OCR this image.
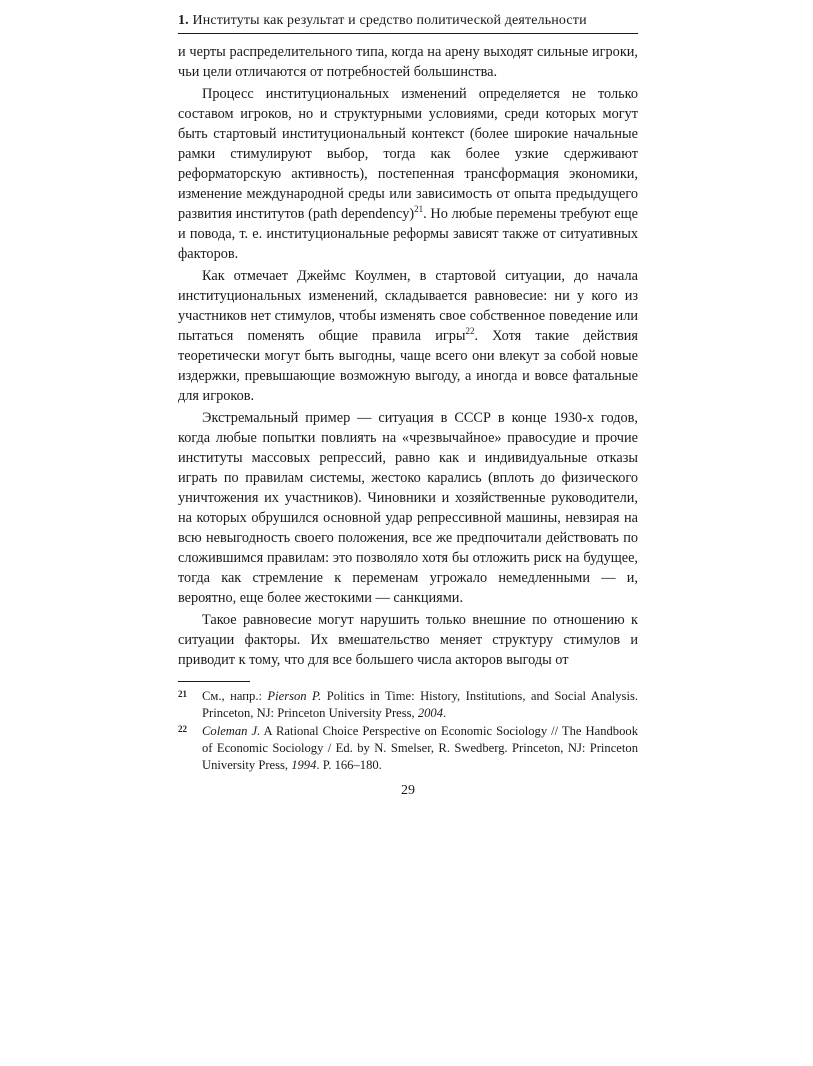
1. Институты как результат и средство политической деятельности

и черты распределительного типа, когда на арену выходят сильные игроки, чьи цели отличаются от потребностей большинства.

Процесс институциональных изменений определяется не только составом игроков, но и структурными условиями, среди которых могут быть стартовый институциональный контекст (более широкие начальные рамки стимулируют выбор, тогда как более узкие сдерживают реформаторскую активность), постепенная трансформация экономики, изменение международной среды или зависимость от опыта предыдущего развития институтов (path dependency)$^{21}$. Но любые перемены требуют еще и повода, т. е. институциональные реформы зависят также от ситуативных факторов.

Как отмечает Джеймс Коулмен, в стартовой ситуации, до начала институциональных изменений, складывается равновесие: ни у кого из участников нет стимулов, чтобы изменять свое собственное поведение или пытаться поменять общие правила игры$^{22}$. Хотя такие действия теоретически могут быть выгодны, чаще всего они влекут за собой новые издержки, превышающие возможную выгоду, а иногда и вовсе фатальные для игроков.

Экстремальный пример — ситуация в СССР в конце 1930-х годов, когда любые попытки повлиять на «чрезвычайное» правосудие и прочие институты массовых репрессий, равно как и индивидуальные отказы играть по правилам системы, жестоко карались (вплоть до физического уничтожения их участников). Чиновники и хозяйственные руководители, на которых обрушился основной удар репрессивной машины, невзирая на всю невыгодность своего положения, все же предпочитали действовать по сложившимся правилам: это позволяло хотя бы отложить риск на будущее, тогда как стремление к переменам угрожало немедленными — и, вероятно, еще более жестокими — санкциями.

Такое равновесие могут нарушить только внешние по отношению к ситуации факторы. Их вмешательство меняет структуру стимулов и приводит к тому, что для все большего числа акторов выгоды от

21 См., напр.: Pierson P. Politics in Time: History, Institutions, and Social Analysis. Princeton, NJ: Princeton University Press, 2004.
22 Coleman J. A Rational Choice Perspective on Economic Sociology // The Handbook of Economic Sociology / Ed. by N. Smelser, R. Swedberg. Princeton, NJ: Princeton University Press, 1994. P. 166–180.
29
